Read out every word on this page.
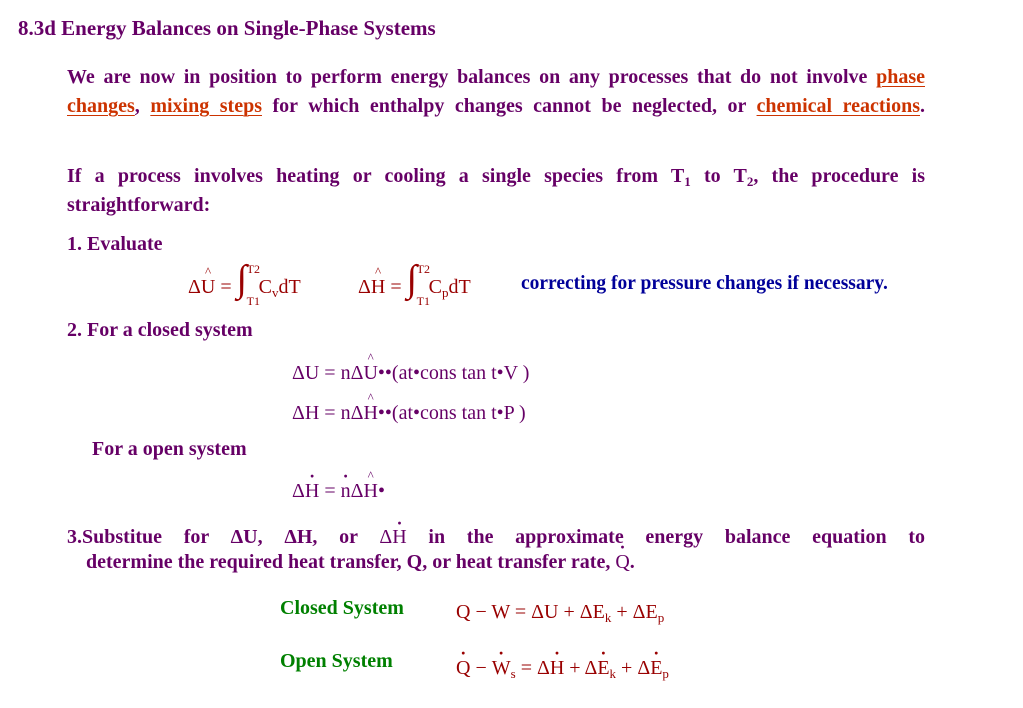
8.3d Energy Balances on Single-Phase Systems
We are now in position to perform energy balances on any processes that do not involve phase changes, mixing steps for which enthalpy changes cannot be neglected, or chemical reactions.
If a process involves heating or cooling a single species from $T_1$ to $T_2$, the procedure is straightforward:
1. Evaluate
Δ^ U = ∫ T2
T1
$C_vdT$	Δ^ H = ∫ T2
T1
$C_pdT$	correcting for pressure changes if necessary.
2. For a closed system
ΔU = nΔ^ U••(at•cons tan t•V )
ΔH = nΔ^ H••(at•cons tan t•P )
For a open system
Δ· H = · nΔ^ H•
3.Substitue for ΔU, ΔH, or Δ· H in the approximate energy balance equation to
determine the required heat transfer, Q, or heat transfer rate, · Q.
Closed System	$Q - W = \Delta U + \Delta E_k + \Delta E_p$
Open System
·	Q − · $W_s = \Delta\cdot H + \Delta\cdot E_k + \Delta\cdot E_p$
